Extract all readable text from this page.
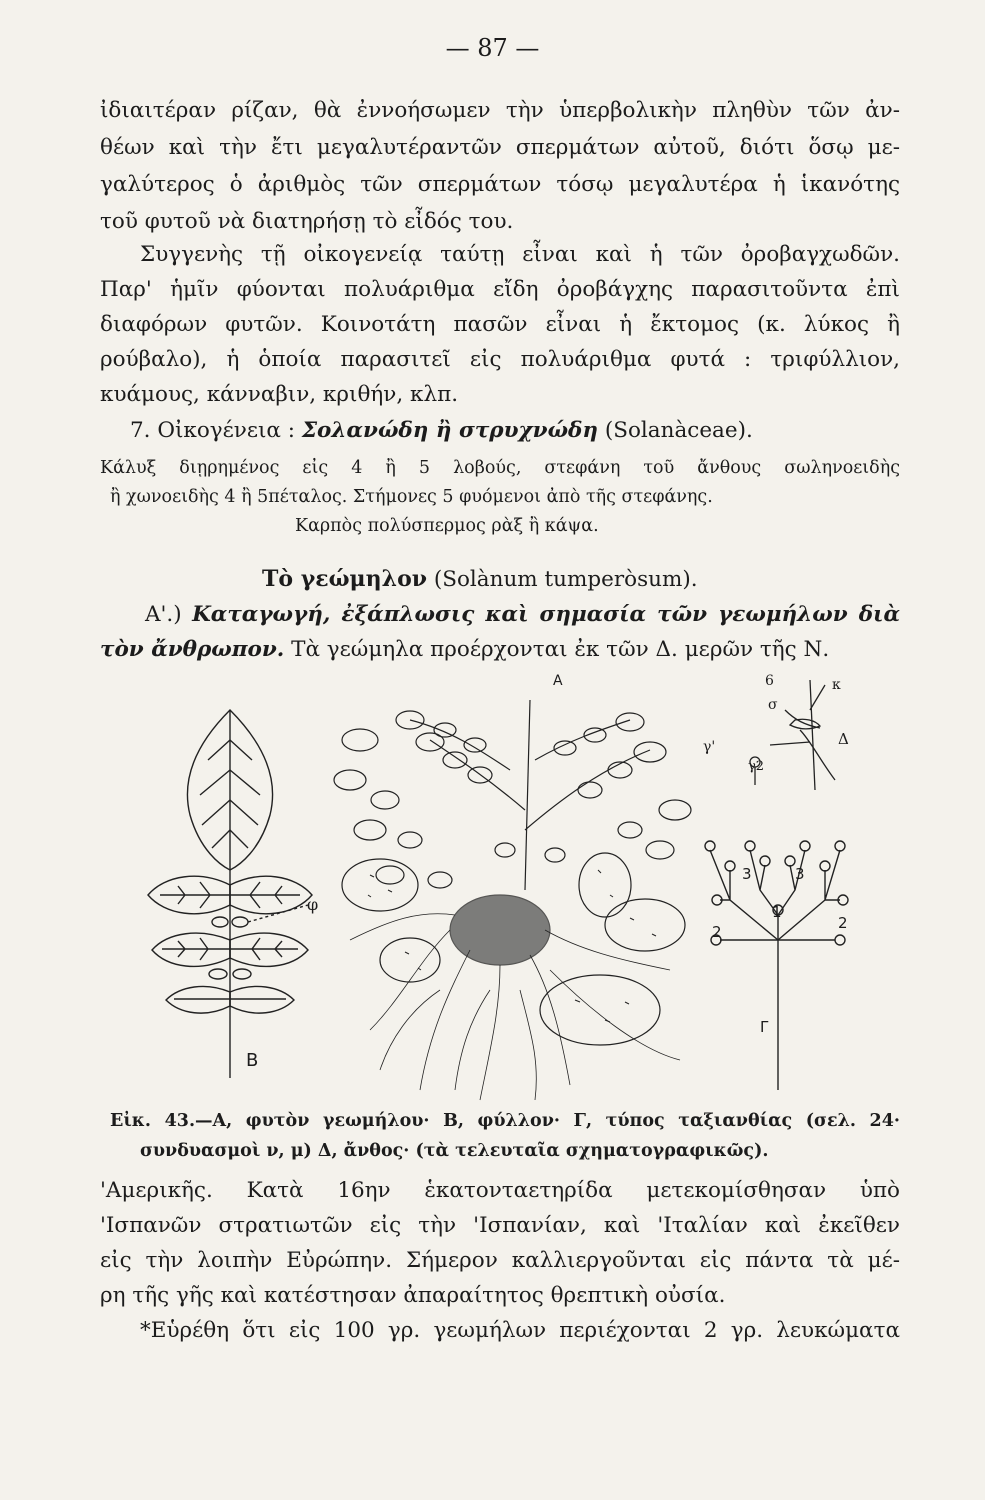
— 87 —
ἰδιαιτέραν ρίζαν, θὰ ἐννοήσωμεν τὴν ὑπερβολικὴν πληθὺν τῶν ἀν-
θέων καὶ τὴν ἔτι μεγαλυτέραντῶν σπερμάτων αὐτοῦ, διότι ὅσῳ με-
γαλύτερος ὁ ἀριθμὸς τῶν σπερμάτων τόσῳ μεγαλυτέρα ἡ ἱκανότης
τοῦ φυτοῦ νὰ διατηρήσῃ τὸ εἶδός του.
Συγγενὴς τῇ οἰκογενείᾳ ταύτῃ εἶναι καὶ ἡ τῶν ὀροβαγχωδῶν.
Παρ' ἡμῖν φύονται πολυάριθμα εἴδη ὀροβάγχης παρασιτοῦντα ἐπὶ
διαφόρων φυτῶν. Κοινοτάτη πασῶν εἶναι ἡ ἔκτομος (κ. λύκος ἢ
ρούβαλο), ἡ ὁποία παρασιτεῖ εἰς πολυάριθμα φυτά : τριφύλλιον,
κυάμους, κάνναβιν, κριθήν, κλπ.
7. Οἰκογένεια : Σολανώδη ἢ στρυχνώδη (Solanàceae).
Κάλυξ διῃρημένος εἰς 4 ἢ 5 λοβούς, στεφάνη τοῦ ἄνθους σωληνοειδὴς
ἢ χωνοειδὴς 4 ἢ 5πέταλος. Στήμονες 5 φυόμενοι ἀπὸ τῆς στεφάνης.
Καρπὸς πολύσπερμος ρὰξ ἢ κάψα.
Τὸ γεώμηλον (Solànum tumperòsum).
Α'.) Καταγωγή, ἐξάπλωσις καὶ σημασία τῶν γεωμήλων διὰ
τὸν ἄνθρωπον. Τὰ γεώμηλα προέρχονται ἐκ τῶν Δ. μερῶν τῆς Ν.
φ
B
A	6	κ
σ
Δ
γ'
γ2
3	3
1
2	2
Γ
Εἰκ. 43.—Α, φυτὸν γεωμήλου· Β, φύλλον· Γ, τύπος ταξιανθίας (σελ. 24·
συνδυασμοὶ ν, μ) Δ, ἄνθος· (τὰ τελευταῖα σχηματογραφικῶς).
'Αμερικῆς. Κατὰ 16ην ἑκατονταετηρίδα μετεκομίσθησαν ὑπὸ
'Ισπανῶν στρατιωτῶν εἰς τὴν 'Ισπανίαν, καὶ 'Ιταλίαν καὶ ἐκεῖθεν
εἰς τὴν λοιπὴν Εὐρώπην. Σήμερον καλλιεργοῦνται εἰς πάντα τὰ μέ-
ρη τῆς γῆς καὶ κατέστησαν ἀπαραίτητος θρεπτικὴ οὐσία.
*Εὑρέθη ὅτι εἰς 100 γρ. γεωμήλων περιέχονται 2 γρ. λευκώματα
